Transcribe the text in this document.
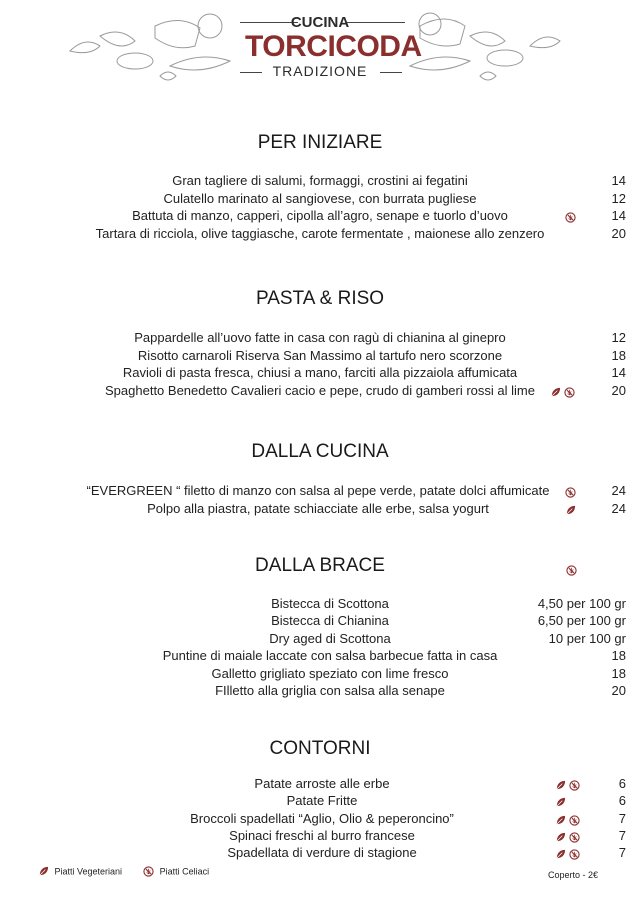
CUCINA
TORCICODA
TRADIZIONE
PER INIZIARE
Gran tagliere di salumi, formaggi, crostini ai fegatini	14
Culatello marinato al sangiovese, con burrata pugliese	12
Battuta di manzo, capperi, cipolla all’agro, senape e tuorlo d’uovo	14
Tartara di ricciola, olive taggiasche, carote fermentate , maionese allo zenzero	20
PASTA & RISO
Pappardelle all’uovo fatte in casa con ragù di chianina al ginepro	12
Risotto carnaroli Riserva San Massimo al tartufo nero scorzone	18
Ravioli di pasta fresca, chiusi a mano, farciti alla pizzaiola affumicata	14
Spaghetto Benedetto Cavalieri cacio e pepe, crudo di gamberi rossi al lime	20
DALLA CUCINA
“EVERGREEN “ filetto di manzo con salsa al pepe verde, patate dolci affumicate	24
Polpo alla piastra, patate schiacciate alle erbe, salsa yogurt	24
DALLA BRACE
Bistecca di Scottona	4,50 per 100 gr
Bistecca di Chianina	6,50 per 100 gr
Dry aged di Scottona	10 per 100 gr
Puntine di maiale laccate con salsa barbecue fatta in casa	18
Galletto grigliato speziato con lime fresco	18
FIlletto alla griglia con salsa alla senape	20
CONTORNI
Patate arroste alle erbe	6
Patate Fritte	6
Broccoli spadellati “Aglio, Olio & peperoncino”	7
Spinaci freschi al burro francese	7
Spadellata di verdure di stagione	7
Piatti Vegeteriani	Piatti Celiaci	Coperto - 2€
